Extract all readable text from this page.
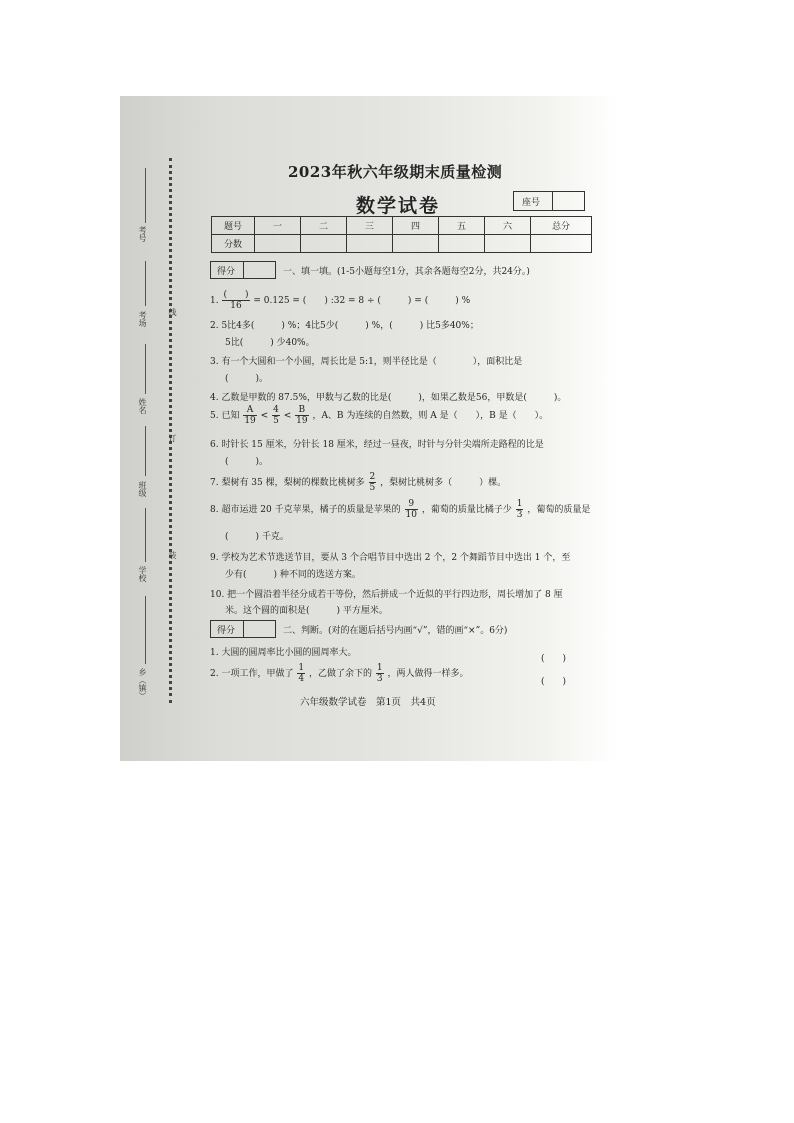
考号
考场
姓名
班级
学校
乡（镇）
线
订
装
2023年秋六年级期末质量检测
数学试卷	座号
题号	一	二	三	四	五	六	总分
分数							
得分	一、填一填。(1-5小题每空1分，其余各题每空2分，共24分。)
1. $\frac{( )}{16} = 0.125$ = (　　) :32 = 8 ÷ (　　　) = (　　　) %
2. 5比4多(　　　) %；4比5少(　　　) %，(　　　) 比5多40%；
5比(　　　) 少40%。
3. 有一个大圆和一个小圆，周长比是 5:1，则半径比是（　　　　），面积比是
(　　　)。
4. 乙数是甲数的 87.5%，甲数与乙数的比是(　　　)，如果乙数是56，甲数是(　　　)。
5. 已知 $\frac{A}{19} < \frac{4}{5} < \frac{B}{19}$ ，A、B 为连续的自然数，则 A 是（　　），B 是（　　）。
6. 时针长 15 厘米，分针长 18 厘米，经过一昼夜，时针与分针尖端所走路程的比是
(　　　)。
7. 梨树有 35 棵，梨树的棵数比桃树多 $\frac{2}{5}$ ，梨树比桃树多（　　　）棵。
8. 超市运进 20 千克苹果，橘子的质量是苹果的 $\frac{9}{10}$ ，葡萄的质量比橘子少 $\frac{1}{3}$ ，葡萄的质量是
(　　　) 千克。
9. 学校为艺术节选送节目，要从 3 个合唱节目中选出 2 个，2 个舞蹈节目中选出 1 个，至
少有(　　　) 种不同的选送方案。
10. 把一个圆沿着半径分成若干等份，然后拼成一个近似的平行四边形，周长增加了 8 厘
米。这个圆的面积是(　　　) 平方厘米。
得分	二、判断。(对的在题后括号内画“√”，错的画“×”。6分)
1. 大圆的圆周率比小圆的圆周率大。
(　　)
2. 一项工作，甲做了 $\frac{1}{4}$ ，乙做了余下的 $\frac{1}{3}$ ，两人做得一样多。
(　　)
六年级数学试卷　第1页　共4页
